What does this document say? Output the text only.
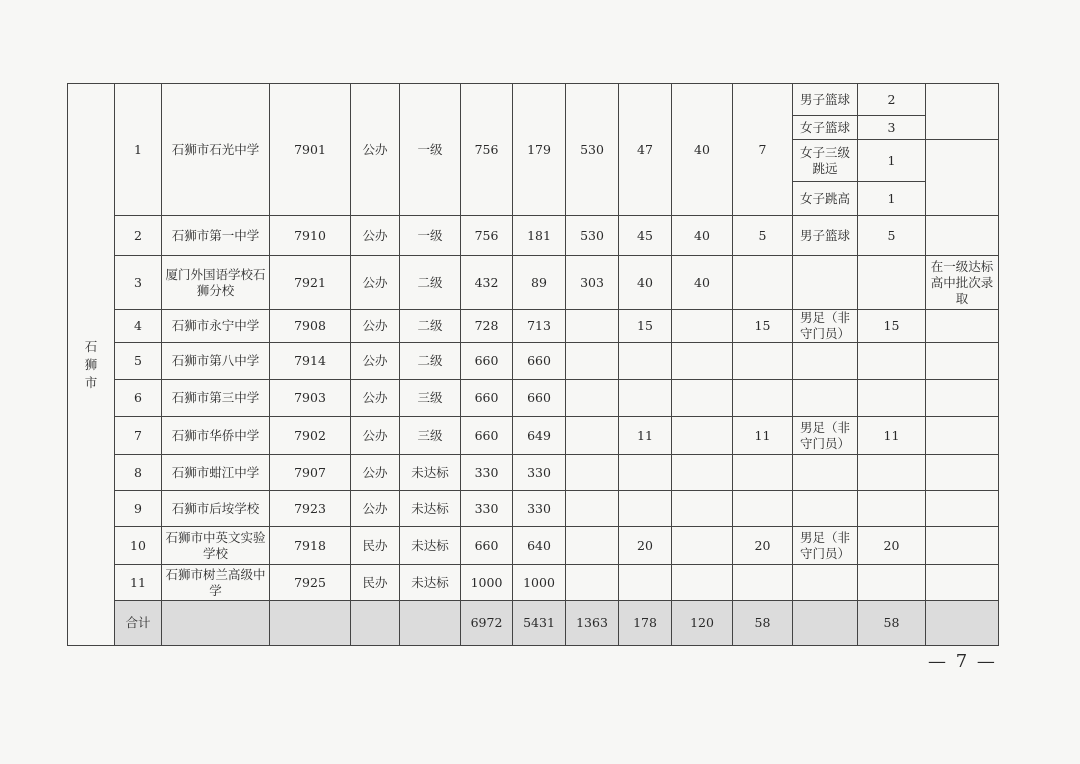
石狮市	1	石狮市石光中学	7901	公办	一级	756	179	530	47	40	7	男子篮球	2	
												女子篮球	3	
												女子三级跳远	1	
												女子跳高	1	
	2	石狮市第一中学	7910	公办	一级	756	181	530	45	40	5	男子篮球	5	
	3	厦门外国语学校石狮分校	7921	公办	二级	432	89	303	40	40				在一级达标高中批次录取
	4	石狮市永宁中学	7908	公办	二级	728	713		15		15	男足（非守门员）	15	
	5	石狮市第八中学	7914	公办	二级	660	660							
	6	石狮市第三中学	7903	公办	三级	660	660							
	7	石狮市华侨中学	7902	公办	三级	660	649		11		11	男足（非守门员）	11	
	8	石狮市蚶江中学	7907	公办	未达标	330	330							
	9	石狮市后垵学校	7923	公办	未达标	330	330							
	10	石狮市中英文实验学校	7918	民办	未达标	660	640		20		20	男足（非守门员）	20	
	11	石狮市树兰高级中学	7925	民办	未达标	1000	1000							
	合计					6972	5431	1363	178	120	58		58	
— 7 —
